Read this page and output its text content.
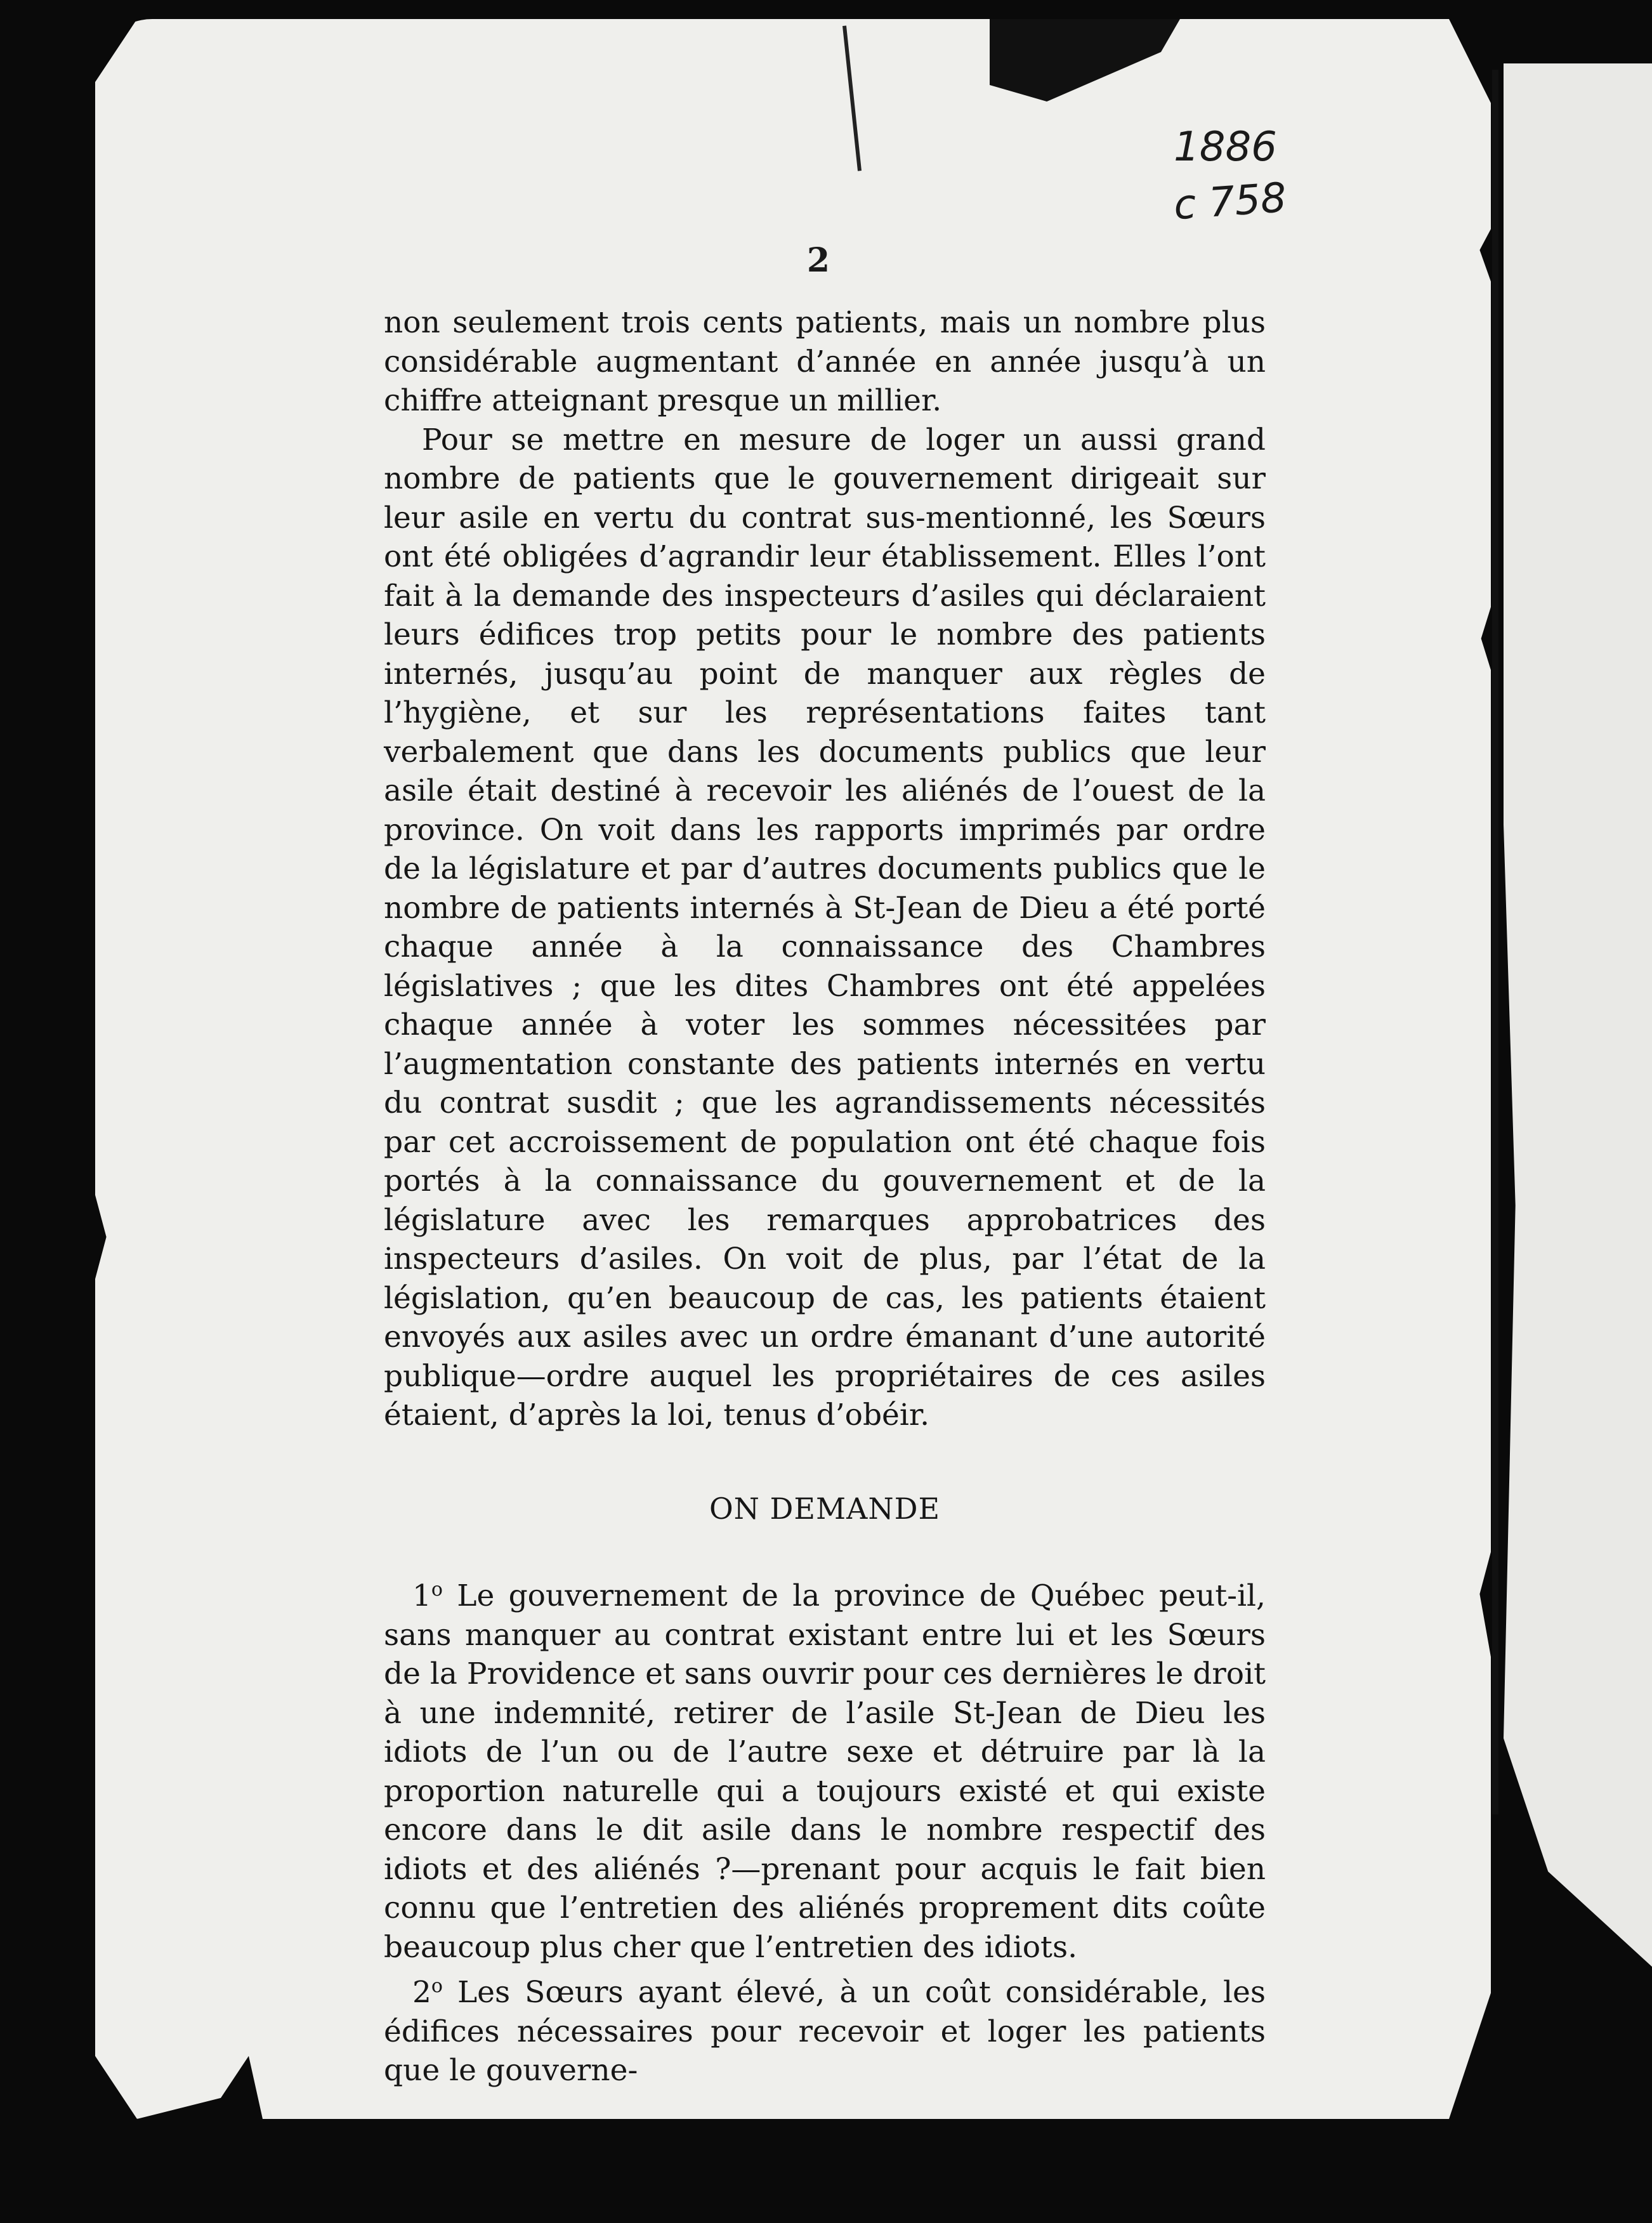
1886
c 758
2

non seulement trois cents patients, mais un nombre plus considérable augmentant d’année en année jusqu’à un chiffre atteignant presque un millier.

Pour se mettre en mesure de loger un aussi grand nombre de patients que le gouvernement dirigeait sur leur asile en vertu du contrat sus-mentionné, les Sœurs ont été obligées d’agrandir leur établissement. Elles l’ont fait à la demande des inspecteurs d’asiles qui déclaraient leurs édifices trop petits pour le nombre des patients internés, jusqu’au point de manquer aux règles de l’hygiène, et sur les représentations faites tant verbalement que dans les documents publics que leur asile était destiné à recevoir les aliénés de l’ouest de la province. On voit dans les rapports imprimés par ordre de la législature et par d’autres documents publics que le nombre de patients internés à St-Jean de Dieu a été porté chaque année à la connaissance des Chambres législatives ; que les dites Chambres ont été appelées chaque année à voter les sommes nécessitées par l’augmentation constante des patients internés en vertu du contrat susdit ; que les agrandissements nécessités par cet accroissement de population ont été chaque fois portés à la connaissance du gouvernement et de la législature avec les remarques approbatrices des inspecteurs d’asiles. On voit de plus, par l’état de la législation, qu’en beaucoup de cas, les patients étaient envoyés aux asiles avec un ordre émanant d’une autorité publique—ordre auquel les propriétaires de ces asiles étaient, d’après la loi, tenus d’obéir.

ON DEMANDE

1$^o$ Le gouvernement de la province de Québec peut-il, sans manquer au contrat existant entre lui et les Sœurs de la Providence et sans ouvrir pour ces dernières le droit à une indemnité, retirer de l’asile St-Jean de Dieu les idiots de l’un ou de l’autre sexe et détruire par là la proportion naturelle qui a toujours existé et qui existe encore dans le dit asile dans le nombre respectif des idiots et des aliénés ?—prenant pour acquis le fait bien connu que l’entretien des aliénés proprement dits coûte beaucoup plus cher que l’entretien des idiots.

2$^o$ Les Sœurs ayant élevé, à un coût considérable, les édifices nécessaires pour recevoir et loger les patients que le gouverne-
